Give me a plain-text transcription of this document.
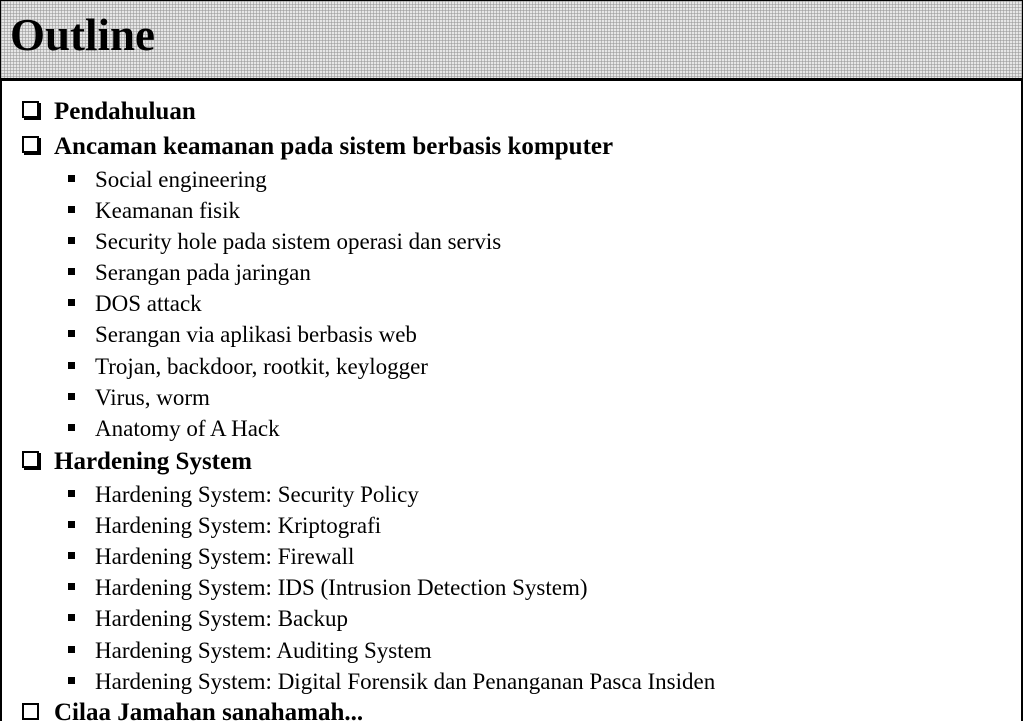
Outline
Pendahuluan
Ancaman keamanan pada sistem berbasis komputer
Social engineering
Keamanan fisik
Security hole pada sistem operasi dan servis
Serangan pada jaringan
DOS attack
Serangan via aplikasi berbasis web
Trojan, backdoor, rootkit, keylogger
Virus, worm
Anatomy of A Hack
Hardening System
Hardening System: Security Policy
Hardening System: Kriptografi
Hardening System: Firewall
Hardening System: IDS (Intrusion Detection System)
Hardening System: Backup
Hardening System: Auditing System
Hardening System: Digital Forensik dan Penanganan Pasca Insiden
Cilaa Jamahan sanahamah...
